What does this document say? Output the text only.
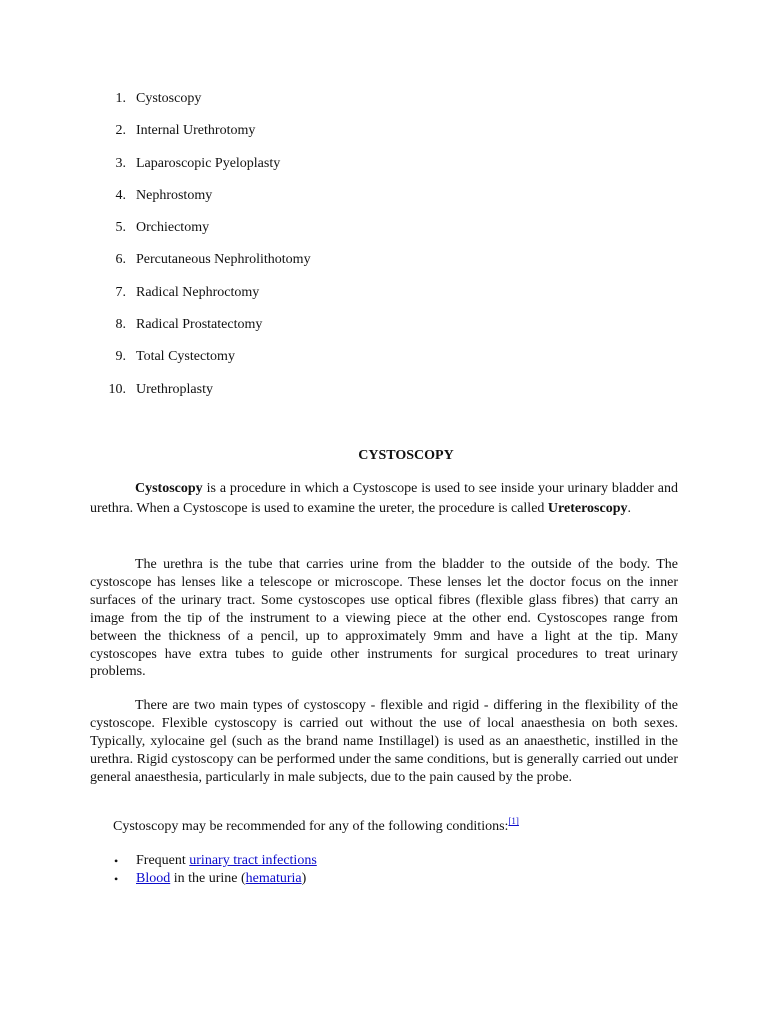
1. Cystoscopy
2. Internal Urethrotomy
3. Laparoscopic Pyeloplasty
4. Nephrostomy
5. Orchiectomy
6. Percutaneous Nephrolithotomy
7. Radical Nephroctomy
8. Radical Prostatectomy
9. Total Cystectomy
10. Urethroplasty
CYSTOSCOPY
Cystoscopy is a procedure in which a Cystoscope is used to see inside your urinary bladder and urethra. When a Cystoscope is used to examine the ureter, the procedure is called Ureteroscopy.
The urethra is the tube that carries urine from the bladder to the outside of the body. The cystoscope has lenses like a telescope or microscope. These lenses let the doctor focus on the inner surfaces of the urinary tract. Some cystoscopes use optical fibres (flexible glass fibres) that carry an image from the tip of the instrument to a viewing piece at the other end. Cystoscopes range from between the thickness of a pencil, up to approximately 9mm and have a light at the tip. Many cystoscopes have extra tubes to guide other instruments for surgical procedures to treat urinary problems.
There are two main types of cystoscopy - flexible and rigid - differing in the flexibility of the cystoscope. Flexible cystoscopy is carried out without the use of local anaesthesia on both sexes. Typically, xylocaine gel (such as the brand name Instillagel) is used as an anaesthetic, instilled in the urethra. Rigid cystoscopy can be performed under the same conditions, but is generally carried out under general anaesthesia, particularly in male subjects, due to the pain caused by the probe.
Cystoscopy may be recommended for any of the following conditions:[1]
• Frequent urinary tract infections
• Blood in the urine (hematuria)
